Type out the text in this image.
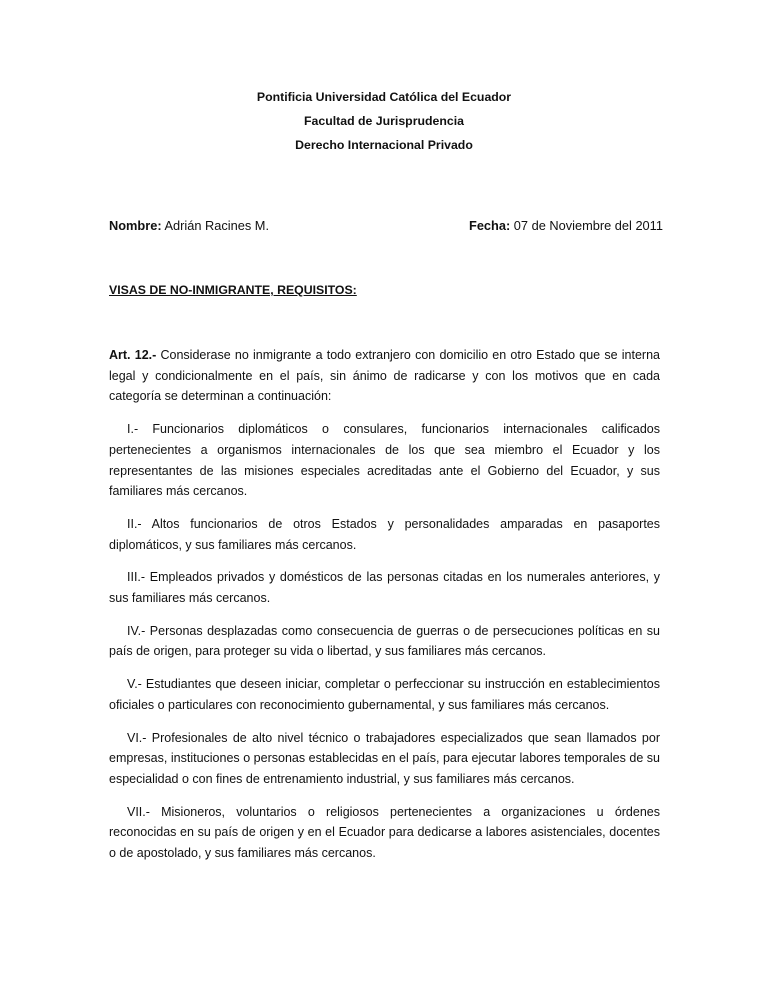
Pontificia Universidad Católica del Ecuador
Facultad de Jurisprudencia
Derecho Internacional Privado
Nombre: Adrián Racines M.	Fecha: 07 de Noviembre del 2011
VISAS DE NO-INMIGRANTE, REQUISITOS:

Art. 12.- Considerase no inmigrante a todo extranjero con domicilio en otro Estado que se interna legal y condicionalmente en el país, sin ánimo de radicarse y con los motivos que en cada categoría se determinan a continuación:

I.- Funcionarios diplomáticos o consulares, funcionarios internacionales calificados pertenecientes a organismos internacionales de los que sea miembro el Ecuador y los representantes de las misiones especiales acreditadas ante el Gobierno del Ecuador, y sus familiares más cercanos.

II.- Altos funcionarios de otros Estados y personalidades amparadas en pasaportes diplomáticos, y sus familiares más cercanos.

III.- Empleados privados y domésticos de las personas citadas en los numerales anteriores, y sus familiares más cercanos.

IV.- Personas desplazadas como consecuencia de guerras o de persecuciones políticas en su país de origen, para proteger su vida o libertad, y sus familiares más cercanos.

V.- Estudiantes que deseen iniciar, completar o perfeccionar su instrucción en establecimientos oficiales o particulares con reconocimiento gubernamental, y sus familiares más cercanos.

VI.- Profesionales de alto nivel técnico o trabajadores especializados que sean llamados por empresas, instituciones o personas establecidas en el país, para ejecutar labores temporales de su especialidad o con fines de entrenamiento industrial, y sus familiares más cercanos.

VII.- Misioneros, voluntarios o religiosos pertenecientes a organizaciones u órdenes reconocidas en su país de origen y en el Ecuador para dedicarse a labores asistenciales, docentes o de apostolado, y sus familiares más cercanos.
